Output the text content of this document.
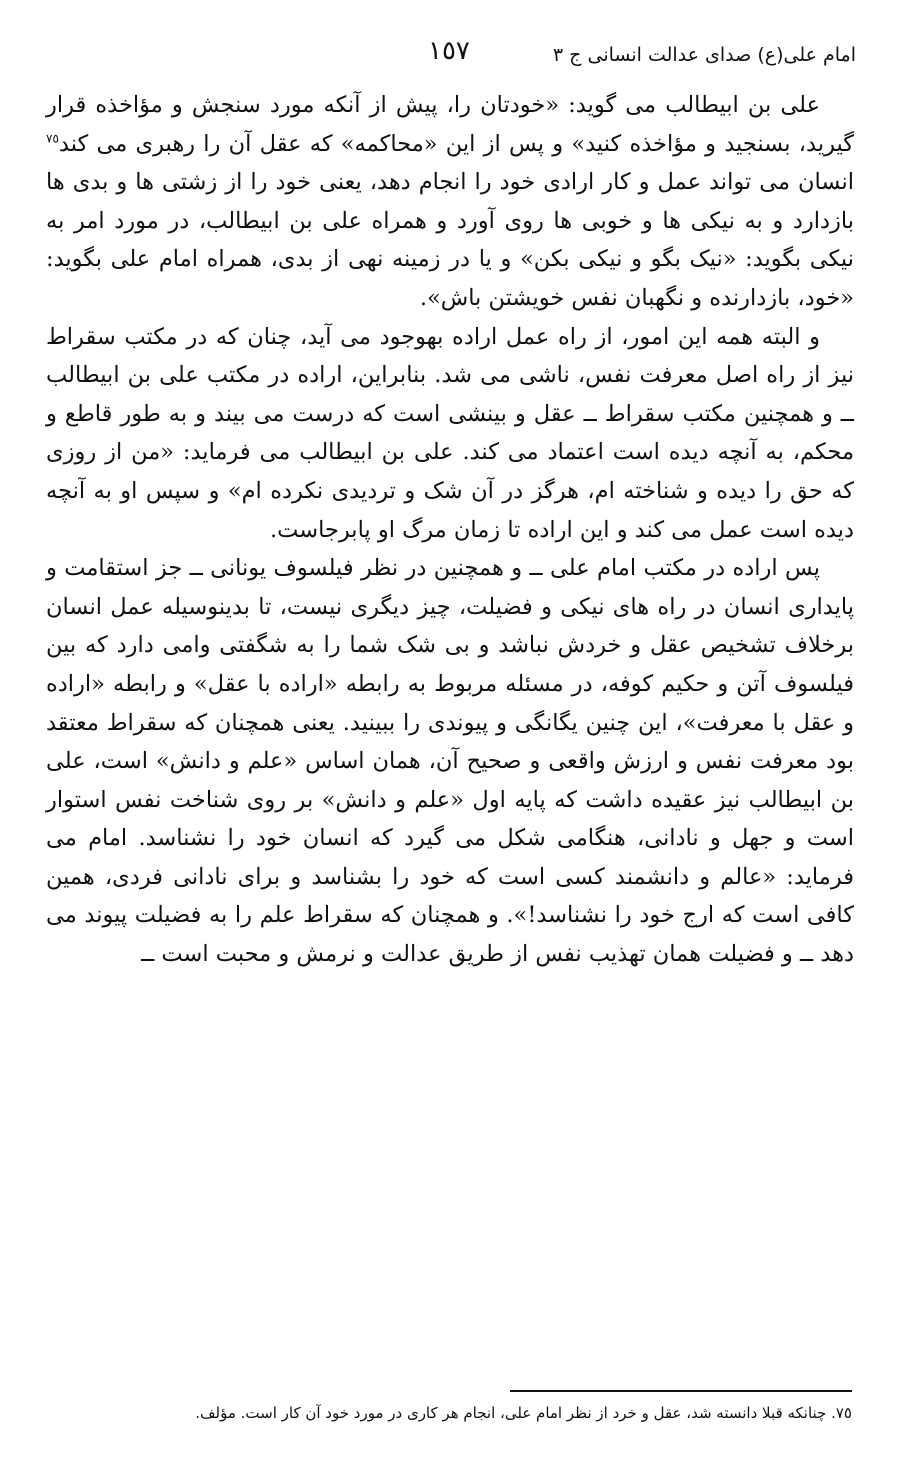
امام علی(ع) صدای عدالت انسانی ج ٣
١٥٧

علی بن ابیطالب می گوید: «خودتان را، پیش از آنکه مورد سنجش و مؤاخذه قرار گیرید، بسنجید و مؤاخذه کنید» و پس از این «محاکمه» که عقل آن را رهبری می کند$^{٧٥}$ انسان می تواند عمل و کار ارادی خود را انجام دهد، یعنی خود را از زشتی ها و بدی ها بازدارد و به نیکی ها و خوبی ها روی آورد و همراه علی بن ابیطالب، در مورد امر به نیکی بگوید: «نیک بگو و نیکی بکن» و یا در زمینه نهی از بدی، همراه امام علی بگوید: «خود، بازدارنده و نگهبان نفس خویشتن باش».

و البته همه این امور، از راه عمل اراده بهوجود می آید، چنان که در مکتب سقراط نیز از راه اصل معرفت نفس، ناشی می شد. بنابراین، اراده در مکتب علی بن ابیطالب ــ و همچنین مکتب سقراط ــ عقل و بینشی است که درست می بیند و به طور قاطع و محکم، به آنچه دیده است اعتماد می کند. علی بن ابیطالب می فرماید: «من از روزی که حق را دیده و شناخته ام، هرگز در آن شک و تردیدی نکرده ام» و سپس او به آنچه دیده است عمل می کند و این اراده تا زمان مرگ او پابرجاست.

پس اراده در مکتب امام علی ــ و همچنین در نظر فیلسوف یونانی ــ جز استقامت و پایداری انسان در راه های نیکی و فضیلت، چیز دیگری نیست، تا بدینوسیله عمل انسان برخلاف تشخیص عقل و خردش نباشد و بی شک شما را به شگفتی وامی دارد که بین فیلسوف آتن و حکیم کوفه، در مسئله مربوط به رابطه «اراده با عقل» و رابطه «اراده و عقل با معرفت»، این چنین یگانگی و پیوندی را ببینید. یعنی همچنان که سقراط معتقد بود معرفت نفس و ارزش واقعی و صحیح آن، همان اساس «علم و دانش» است، علی بن ابیطالب نیز عقیده داشت که پایه اول «علم و دانش» بر روی شناخت نفس استوار است و جهل و نادانی، هنگامی شکل می گیرد که انسان خود را نشناسد. امام می فرماید: «عالم و دانشمند کسی است که خود را بشناسد و برای نادانی فردی، همین کافی است که ارج خود را نشناسد!». و همچنان که سقراط علم را به فضیلت پیوند می دهد ــ و فضیلت همان تهذیب نفس از طریق عدالت و نرمش و محبت است ــ

٧٥. چنانکه قبلا دانسته شد، عقل و خرد از نظر امام علی، انجام هر کاری در مورد خود آن کار است. مؤلف.
